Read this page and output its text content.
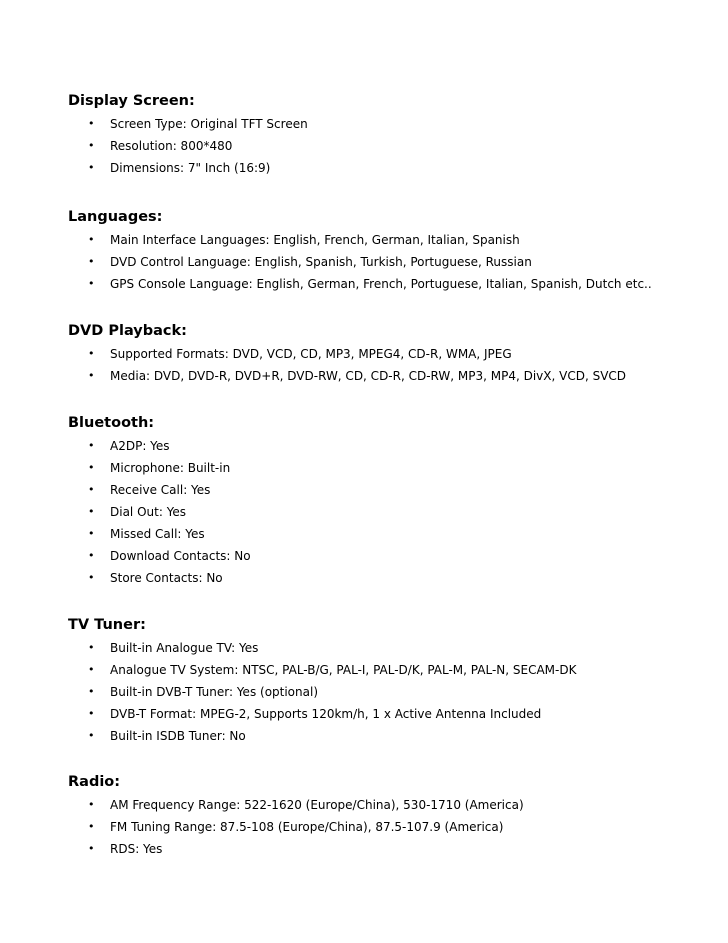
Display Screen:
• Screen Type: Original TFT Screen
• Resolution: 800*480
• Dimensions: 7" Inch (16:9)
Languages:
• Main Interface Languages: English, French, German, Italian, Spanish
• DVD Control Language: English, Spanish, Turkish, Portuguese, Russian
• GPS Console Language: English, German, French, Portuguese, Italian, Spanish, Dutch etc..
DVD Playback:
• Supported Formats: DVD, VCD, CD, MP3, MPEG4, CD-R, WMA, JPEG
• Media: DVD, DVD-R, DVD+R, DVD-RW, CD, CD-R, CD-RW, MP3, MP4, DivX, VCD, SVCD
Bluetooth:
• A2DP: Yes
• Microphone: Built-in
• Receive Call: Yes
• Dial Out: Yes
• Missed Call: Yes
• Download Contacts: No
• Store Contacts: No
TV Tuner:
• Built-in Analogue TV: Yes
• Analogue TV System: NTSC, PAL-B/G, PAL-I, PAL-D/K, PAL-M, PAL-N, SECAM-DK
• Built-in DVB-T Tuner: Yes (optional)
• DVB-T Format: MPEG-2, Supports 120km/h, 1 x Active Antenna Included
• Built-in ISDB Tuner: No
Radio:
• AM Frequency Range: 522-1620 (Europe/China), 530-1710 (America)
• FM Tuning Range: 87.5-108 (Europe/China), 87.5-107.9 (America)
• RDS: Yes
